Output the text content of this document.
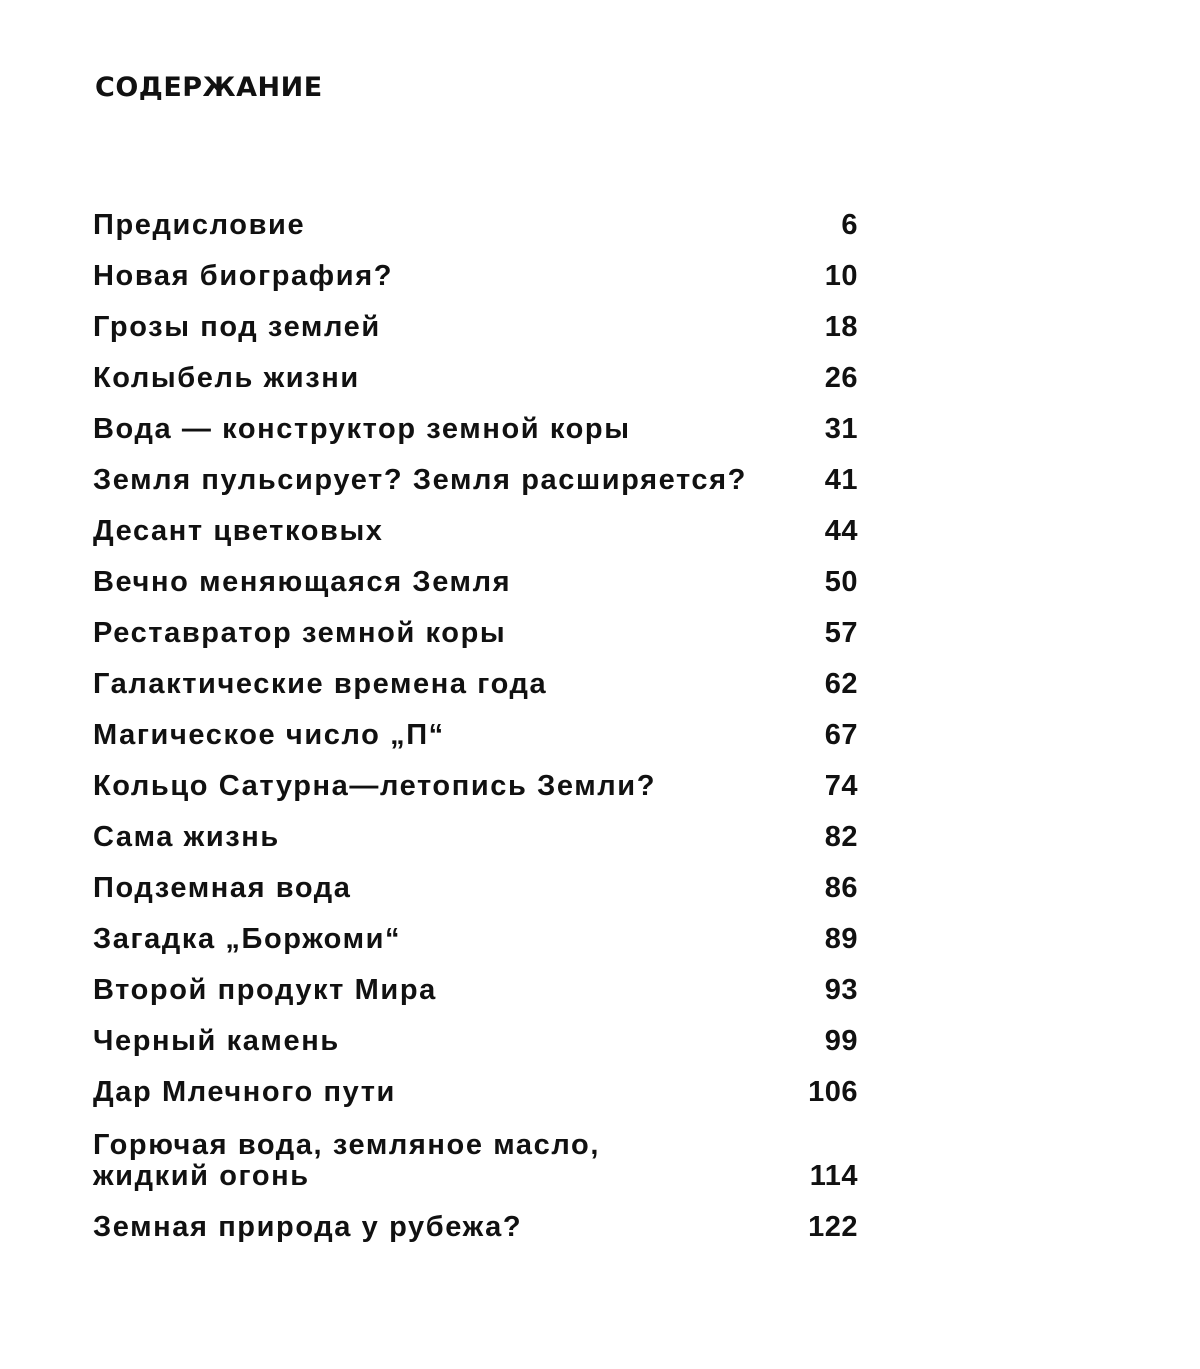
СОДЕРЖАНИЕ
Предисловие	6
Новая биография?	10
Грозы под землей	18
Колыбель жизни	26
Вода — конструктор земной коры	31
Земля пульсирует? Земля расширяется?	41
Десант цветковых	44
Вечно меняющаяся Земля	50
Реставратор земной коры	57
Галактические времена года	62
Магическое число „П“	67
Кольцо Сатурна—летопись Земли?	74
Сама жизнь	82
Подземная вода	86
Загадка „Боржоми“	89
Второй продукт Мира	93
Черный камень	99
Дар Млечного пути	106
Горючая вода, земляное масло,
жидкий огонь	114
Земная природа у рубежа?	122
